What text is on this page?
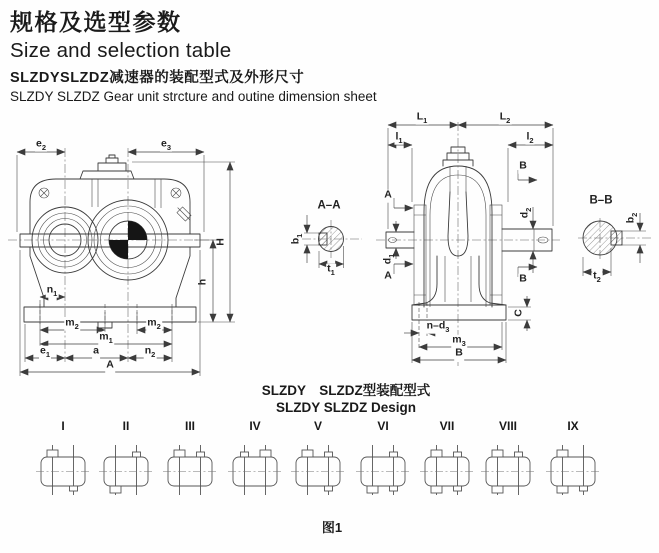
规格及选型参数
Size and selection table
SLZDYSLZDZ减速器的装配型式及外形尺寸
SLZDY SLZDZ Gear unit strcture and outine dimension sheet
$e_2$	$e_3$
H
h
$n_1$
$m_2$	$m_2$
$m_1$
$e_1$	a	$n_2$
A
A–A
$b_1$
$t_1$
$L_1$	$L_2$
$l_1$	$l_2$
A
A
B
B
$d_1$
$d_2$
C
$n-d_3$
$m_3$
B
B–B
$b_2$
$t_2$

SLZDY　SLZDZ型装配型式

SLZDY SLZDZ Design

I	II	III	IV	V	VI	VII	VIII	IX
图1
